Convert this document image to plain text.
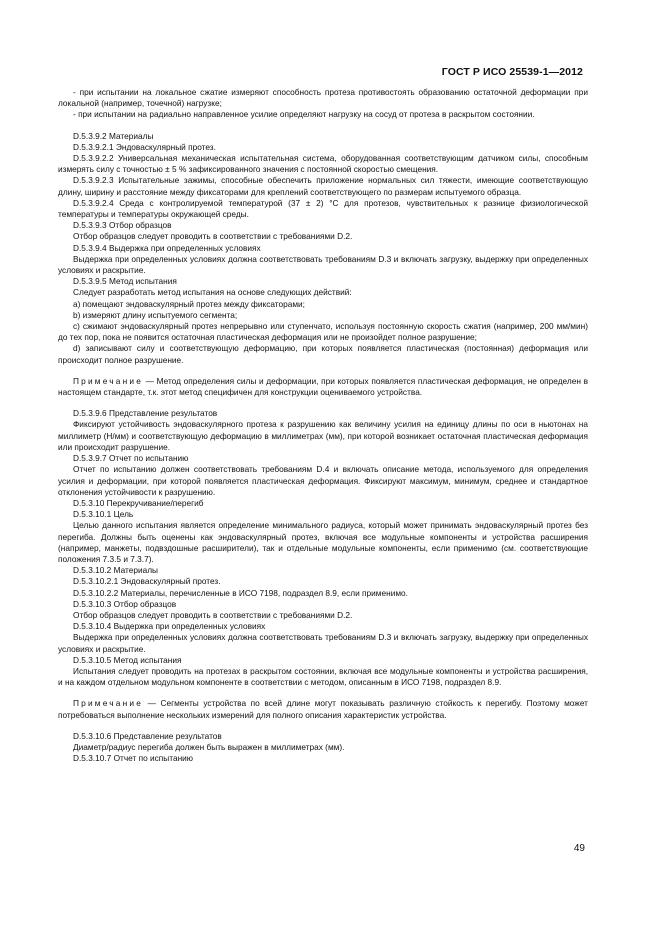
ГОСТ Р ИСО 25539-1—2012

- при испытании на локальное сжатие измеряют способность протеза противостоять образованию остаточной деформации при локальной (например, точечной) нагрузке;

- при испытании на радиально направленное усилие определяют нагрузку на сосуд от протеза в раскрытом состоянии.

D.5.3.9.2 Материалы

D.5.3.9.2.1 Эндоваскулярный протез.

D.5.3.9.2.2 Универсальная механическая испытательная система, оборудованная соответствующим датчиком силы, способным измерять силу с точностью ± 5 % зафиксированного значения с постоянной скоростью смещения.

D.5.3.9.2.3 Испытательные зажимы, способные обеспечить приложение нормальных сил тяжести, имеющие соответствующую длину, ширину и расстояние между фиксаторами для креплений соответствующего по размерам испытуемого образца.

D.5.3.9.2.4 Среда с контролируемой температурой (37 ± 2) °С для протезов, чувствительных к разнице физиологической температуры и температуры окружающей среды.

D.5.3.9.3 Отбор образцов

Отбор образцов следует проводить в соответствии с требованиями D.2.

D.5.3.9.4 Выдержка при определенных условиях

Выдержка при определенных условиях должна соответствовать требованиям D.3 и включать загрузку, выдержку при определенных условиях и раскрытие.

D.5.3.9.5 Метод испытания

Следует разработать метод испытания на основе следующих действий:

a) помещают эндоваскулярный протез между фиксаторами;

b) измеряют длину испытуемого сегмента;

c) сжимают эндоваскулярный протез непрерывно или ступенчато, используя постоянную скорость сжатия (например, 200 мм/мин) до тех пор, пока не появится остаточная пластическая деформация или не произойдет полное разрушение;

d) записывают силу и соответствующую деформацию, при которых появляется пластическая (постоянная) деформация или происходит полное разрушение.

Примечание — Метод определения силы и деформации, при которых появляется пластическая деформация, не определен в настоящем стандарте, т.к. этот метод специфичен для конструкции оцениваемого устройства.

D.5.3.9.6 Представление результатов

Фиксируют устойчивость эндоваскулярного протеза к разрушению как величину усилия на единицу длины по оси в ньютонах на миллиметр (Н/мм) и соответствующую деформацию в миллиметрах (мм), при которой возникает остаточная пластическая деформация или происходит разрушение.

D.5.3.9.7 Отчет по испытанию

Отчет по испытанию должен соответствовать требованиям D.4 и включать описание метода, используемого для определения усилия и деформации, при которой появляется пластическая деформация. Фиксируют максимум, минимум, среднее и стандартное отклонения устойчивости к разрушению.

D.5.3.10 Перекручивание/перегиб

D.5.3.10.1 Цель

Целью данного испытания является определение минимального радиуса, который может принимать эндоваскулярный протез без перегиба. Должны быть оценены как эндоваскулярный протез, включая все модульные компоненты и устройства расширения (например, манжеты, подвздошные расширители), так и отдельные модульные компоненты, если применимо (см. соответствующие положения 7.3.5 и 7.3.7).

D.5.3.10.2 Материалы

D.5.3.10.2.1 Эндоваскулярный протез.

D.5.3.10.2.2 Материалы, перечисленные в ИСО 7198, подраздел 8.9, если применимо.

D.5.3.10.3 Отбор образцов

Отбор образцов следует проводить в соответствии с требованиями D.2.

D.5.3.10.4 Выдержка при определенных условиях

Выдержка при определенных условиях должна соответствовать требованиям D.3 и включать загрузку, выдержку при определенных условиях и раскрытие.

D.5.3.10.5 Метод испытания

Испытания следует проводить на протезах в раскрытом состоянии, включая все модульные компоненты и устройства расширения, и на каждом отдельном модульном компоненте в соответствии с методом, описанным в ИСО 7198, подраздел 8.9.

Примечание — Сегменты устройства по всей длине могут показывать различную стойкость к перегибу. Поэтому может потребоваться выполнение нескольких измерений для полного описания характеристик устройства.

D.5.3.10.6 Представление результатов

Диаметр/радиус перегиба должен быть выражен в миллиметрах (мм).

D.5.3.10.7 Отчет по испытанию

49
